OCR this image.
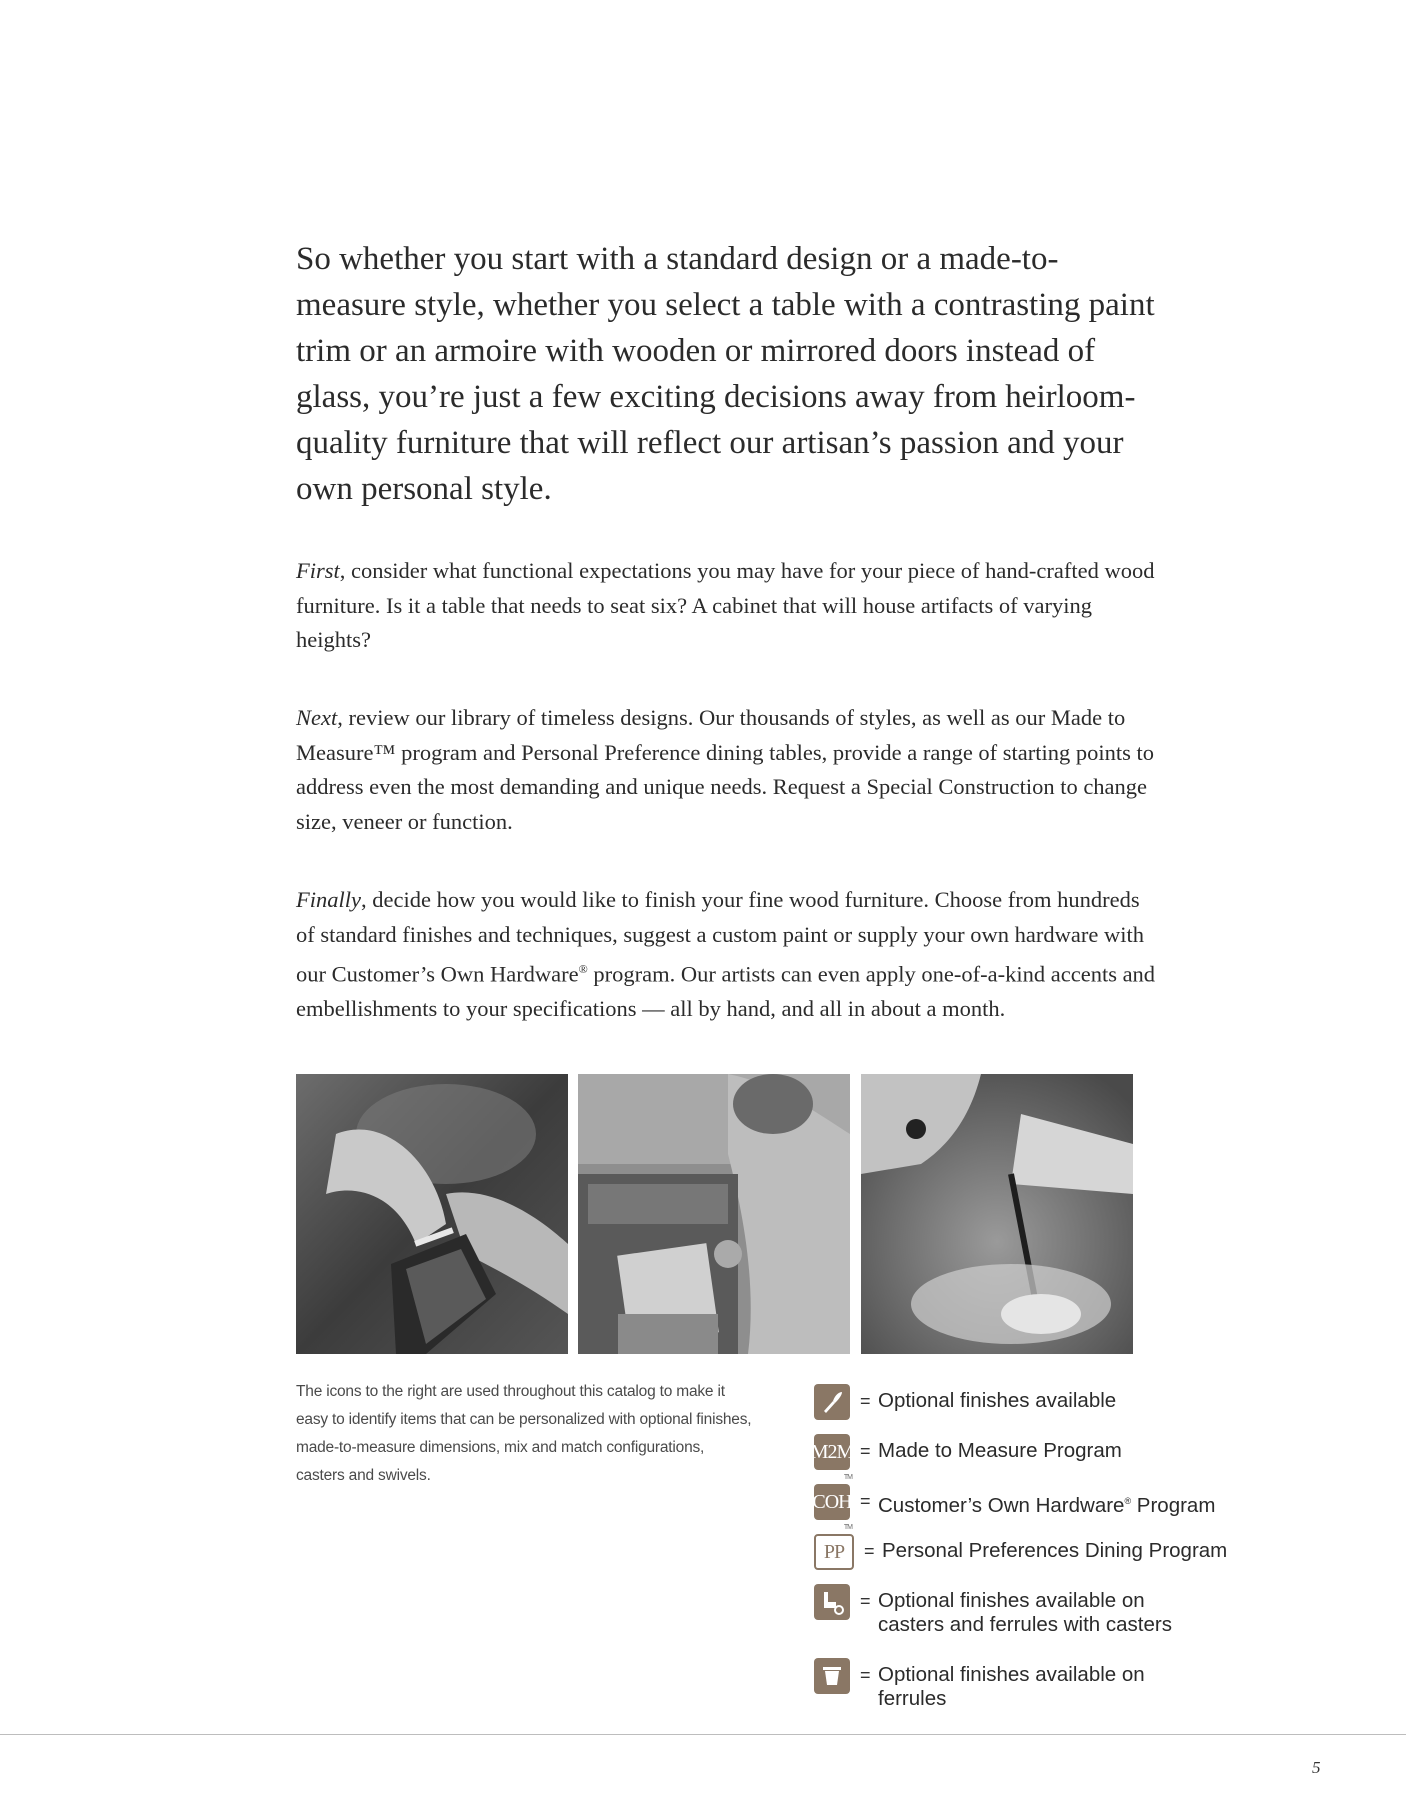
So whether you start with a standard design or a made-to-measure style, whether you select a table with a contrasting paint trim or an armoire with wooden or mirrored doors instead of glass, you’re just a few exciting decisions away from heirloom-quality furniture that will reflect our artisan’s passion and your own personal style.

First, consider what functional expectations you may have for your piece of hand-crafted wood furniture. Is it a table that needs to seat six? A cabinet that will house artifacts of varying heights?

Next, review our library of timeless designs. Our thousands of styles, as well as our Made to Measure™ program and Personal Preference dining tables, provide a range of starting points to address even the most demanding and unique needs. Request a Special Construction to change size, veneer or function.

Finally, decide how you would like to finish your fine wood furniture. Choose from hundreds of standard finishes and techniques, suggest a custom paint or supply your own hardware with our Customer’s Own Hardware® program. Our artists can even apply one-of-a-kind accents and embellishments to your specifications — all by hand, and all in about a month.

The icons to the right are used throughout this catalog to make it easy to identify items that can be personalized with optional finishes, made-to-measure dimensions, mix and match configurations, casters and swivels.

= Optional finishes available
M2M
TM
= Made to Measure Program
COH
TM
= Customer’s Own Hardware® Program
PP = Personal Preferences Dining Program
= Optional finishes available on
casters and ferrules with casters
= Optional finishes available on
ferrules
5
